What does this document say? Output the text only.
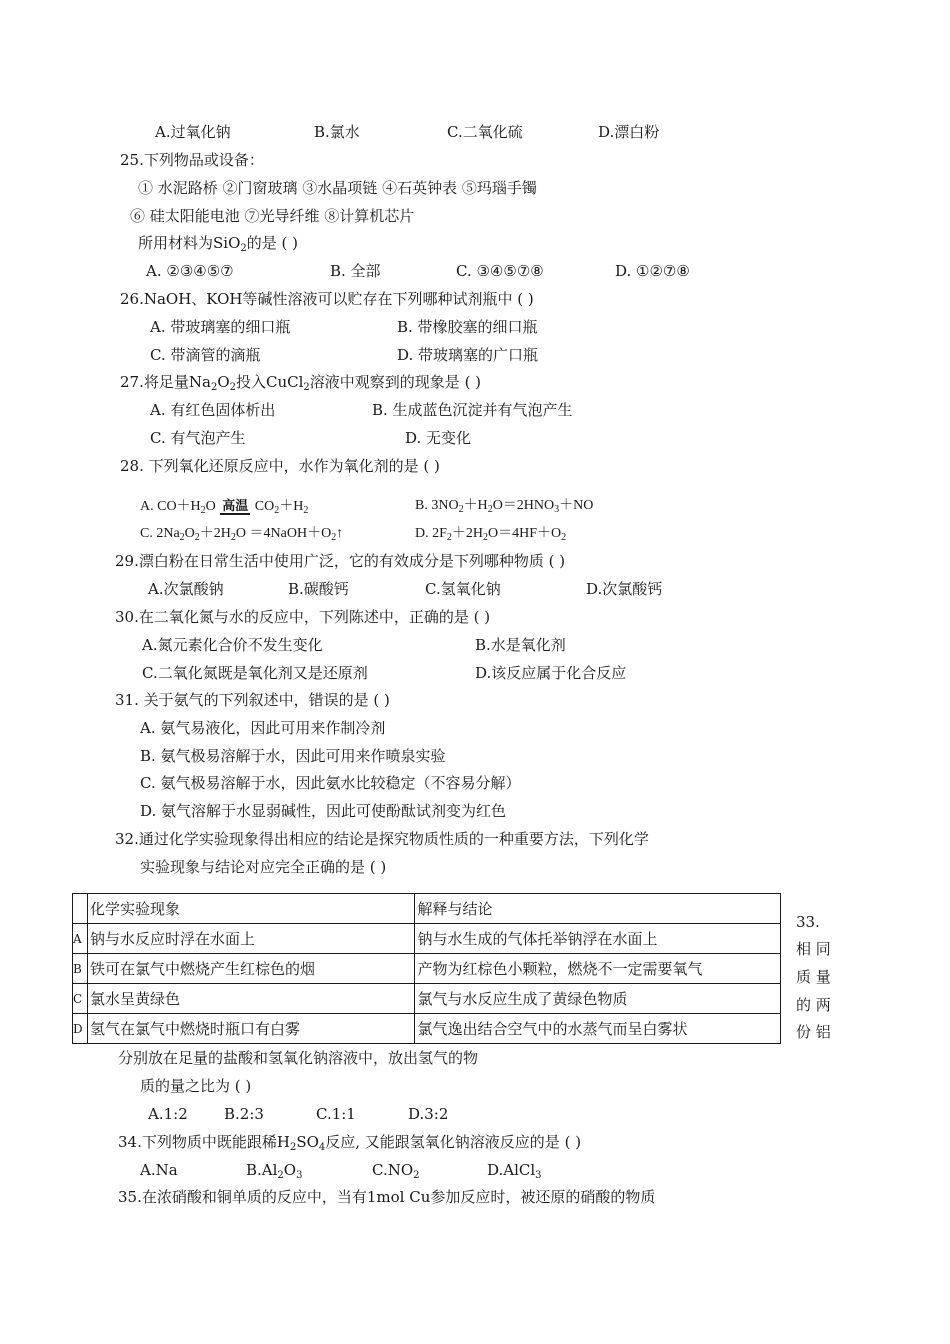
A.过氧化钠	B.氯水	C.二氧化硫	D.漂白粉
25.下列物品或设备：
① 水泥路桥 ②门窗玻璃 ③水晶项链 ④石英钟表 ⑤玛瑙手镯
⑥ 硅太阳能电池 ⑦光导纤维 ⑧计算机芯片
所用材料为SiO$_2$的是 ( )
A. ②③④⑤⑦	B. 全部	C. ③④⑤⑦⑧	D. ①②⑦⑧
26.NaOH、KOH等碱性溶液可以贮存在下列哪种试剂瓶中 ( )
A. 带玻璃塞的细口瓶	B. 带橡胶塞的细口瓶
C. 带滴管的滴瓶	D. 带玻璃塞的广口瓶
27.将足量$Na_2O_2$投入CuCl$_2$溶液中观察到的现象是 ( )
A. 有红色固体析出	B. 生成蓝色沉淀并有气泡产生
C. 有气泡产生	D. 无变化
28. 下列氧化还原反应中，水作为氧化剂的是 ( )
A. $CO+H_2O$ 高温 $CO_2+H_2$	B. $3NO_2+H_2O=2HNO_3+NO$
C. $2Na_2O_2+2H_2O$ $=4NaOH+O_2↑$	D. $2F_2+2H_2O=4HF+O_2$
29.漂白粉在日常生活中使用广泛，它的有效成分是下列哪种物质 ( )
A.次氯酸钠	B.碳酸钙	C.氢氧化钠	D.次氯酸钙
30.在二氧化氮与水的反应中，下列陈述中，正确的是 ( )
A.氮元素化合价不发生变化	B.水是氧化剂
C.二氧化氮既是氧化剂又是还原剂	D.该反应属于化合反应
31. 关于氨气的下列叙述中，错误的是 ( )
A. 氨气易液化，因此可用来作制冷剂
B. 氨气极易溶解于水，因此可用来作喷泉实验
C. 氨气极易溶解于水，因此氨水比较稳定（不容易分解）
D. 氨气溶解于水显弱碱性，因此可使酚酞试剂变为红色
32.通过化学实验现象得出相应的结论是探究物质性质的一种重要方法，下列化学
实验现象与结论对应完全正确的是 ( )
	化学实验现象	解释与结论
A	钠与水反应时浮在水面上	钠与水生成的气体托举钠浮在水面上
B	铁可在氯气中燃烧产生红棕色的烟	产物为红棕色小颗粒，燃烧不一定需要氧气
C	氯水呈黄绿色	氯气与水反应生成了黄绿色物质
D	氢气在氯气中燃烧时瓶口有白雾	氯气逸出结合空气中的水蒸气而呈白雾状
33.
相 同
质 量
的 两
份 铝
分别放在足量的盐酸和氢氧化钠溶液中，放出氢气的物
质的量之比为 ( )
A.1:2 B.2:3	C.1:1	D.3:2
34.下列物质中既能跟稀$H_2SO_4$反应, 又能跟氢氧化钠溶液反应的是 ( )
A.Na	$B.Al_2O_3$	$C.NO_2$	D.AlCl$_3$
35.在浓硝酸和铜单质的反应中，当有1mol Cu参加反应时，被还原的硝酸的物质
